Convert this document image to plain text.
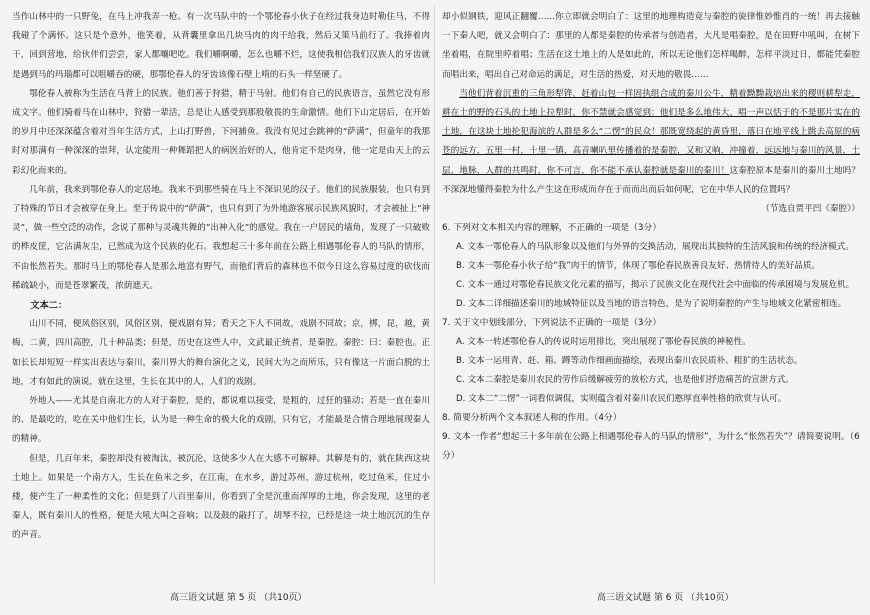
当作山林中的一只野兔，在马上冲我弄一枪。有一次马队中的一个鄂伦春小伙子在经过我身边时勒住马，不得我碰了个满怀。这只是个意外，他笑着，从背囊里拿出几块马肉的肉干给我，然后又策马前行了。我捧着肉干，回到营地，给伙伴们尝尝，家人都嚷吧吃。我们嚼啊嚼，怎么也嚼不烂，这使我相信我们汉族人的牙齿就是遇到马的玛瑙都可以咀嚼吞的硬，那鄂伦春人的牙齿该像石壁上啃的石头一样坚硬了。

鄂伦春人被称为生活在马背上的民族。他们善于狩猎，精于马射。他们有自己的民族语言，虽然它没有形成文字。他们骑着马在山林中，狩猎一辈活，总是让人感受到那股敬畏的生命激情。他们下山定居后，在开始的岁月中还深深蕴含着对当年生活方式，上山打野兽，下河捕鱼。我没有见过会跳神的“萨满”，但童年的我那时对那满有一种深深的崇拜，认定能用一种舞蹈把人的病医治好的人，他肯定不是肉身，他一定是由天上的云彩幻化而来的。

几年前，我来到鄂伦春人的定居地。我来不到那些骑在马上不深识见的汉子。他们的民族服装，也只有到了特殊的节日才会被穿在身上。至于传说中的“萨满”，也只有到了为外地游客展示民族风貌时，才会被扯上“神灵”，做一些空泛的动作，念说了那种与灵魂共舞的“出神入化”的感觉。我在一户居民的墙角，发现了一只破败的桦皮筐，它沾满灰尘，已然成为这个民族的化石。我想起三十多年前在公路上相遇鄂伦春人的马队的情形，不由怅然若失。那时马上的鄂伦春人是那么地富有野气，而他们背后的森林也不似今日这么容易过度的砍伐而稀疏缺小，而是苍翠繁茂，浓荫遮天。

文本二：

山川不同，便风俗区别，风俗区别，便戏剧有异；看天之下人不同故，戏剧不同故；京，梆，昆，越，黄梅，二黄，四川高腔，几十种品类；但是，历史在这些人中，文武最正统者，是秦腔。秦腔：曰：秦腔也。正如长长却短短一样实出表达与秦川，秦川界大的舞台演化之义，民间大为之而所乐，只有像这一片面白脱的土地，才有如此的演说，就在这里，生长在其中的人，人们的戏剧。

外地人——尤其是自南北方的人对于秦腔，是的，都说难以接受，是粗的，过狂的骚动；若是一直在秦川的、是最吃的，吃在关中他们生长，认为是一种生命的极大化的戏剧，只有它，才能最是合情合理地展现秦人的精神。

但是，几百年来，秦腔却没有被淘汰，被沉沦，这使多少人在大感不可解释。其解是有的，就在陕西这块土地上。如果是一个南方人，生长在鱼米之乡，在江南，在水乡，游过苏州，游过杭州，吃过鱼米，住过小楼，便产生了一种柔性的文化；但是到了八百里秦川，你看到了全是沉重而浑厚的土地，你会发现，这里的老秦人，既有秦川人的性格，便是大吼大叫之音响；以及鼓的敲打了，胡琴不拉，已经是这一块土地沉沉的生存的声音。

却小似钢铁，迎风正翻覆……你立即就会明白了：这里的地理构造竟与秦腔的旋律惟妙惟肖的一统！再去接触一下秦人吧，就又会明白了：那里的人都是秦腔的传承者与创造者，大凡是唱秦腔，是在田野中吼叫，在树下坐着唱，在院里哼着唱；生活在这土地上的人是如此的，所以无论他们怎样喝醉，怎样平淡过日，都能凭秦腔而唱出来，唱出自己对命运的满足，对生活的热爱，对天地的敬畏……

当他们背着沉重的三角形犁铧，赶着山包一样固执组合成的秦川公牛，精着黝黝栽培出来的稷则耕犁走，耕在土的野的石头的土地上拉犁时，你不禁就会感觉到：他们是多么地伟大，唱一声以恬于的不是那片实在的土地，在这块土地抡犯海滨的人群是多么“二愣”的民众！那既宽绕起的黄昏里，落日在地平线上跳去高原的病苍的远方，五里一村，十里一镇，高音喇叭里传播着的是秦腔，又和又响，冲撞着，远远地与秦川的风景，土层，地脉，人群的共鸣时，你不可言，你不能不承认秦腔就是秦川的秦川！这秦腔原本是秦川的秦川土地吗？不深深地懂得秦腔为什么产生这在形成而存在于而而出而后如何呢，它在中华人民的位置吗？

（节选自贾平凹《秦腔》）

6. 下列对文本相关内容的理解，不正确的一项是（3分）

A. 文本一鄂伦春人的马队形象以及他们与外界的交换活动，展现出其独特的生活风貌和传统的经济模式。

B. 文本一鄂伦春小伙子给“我”肉干的情节，体现了鄂伦春民族善良友好、热情待人的美好品质。

C. 文本一通过对鄂伦春民族文化元素的描写，揭示了民族文化在现代社会中面临的传承困境与发展危机。

D. 文本二详细描述秦川的地域特征以及当地的语言特色，是为了说明秦腔的产生与地域文化紧密相连。

7. 关于文中划线部分，下列说法不正确的一项是（3分）

A. 文本一转述鄂伦春人的传说时运用排比，突出展现了鄂伦春民族的神秘性。

B. 文本一运用青、赶、箱、蹲等动作细画面描绘，表现出秦川农民质朴、粗犷的生活状态。

C. 文本二秦腔是秦川农民的劳作后缓解疲劳的放松方式，也是他们抒造痛苦的宣泄方式。

D. 文本二“二愣”一词看似调侃，实则蕴含着对秦川农民们憨厚直率性格的欣赏与认可。

8. 简要分析两个文本叙述人称的作用。（4分）

9. 文本一作者“想起三十多年前在公路上相遇鄂伦春人的马队的情形”，为什么“怅然若失”？请简要说明。（6分）

高三语文试题 第 5 页 （共10页）	高三语文试题 第 6 页 （共10页）
